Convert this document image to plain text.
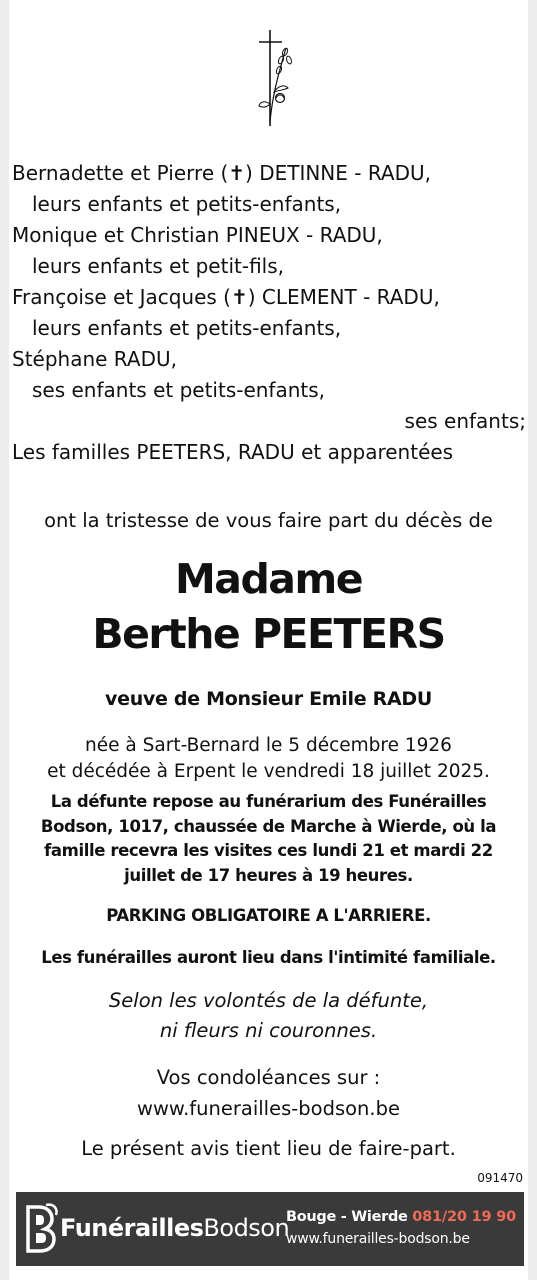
Bernadette et Pierre (✝) DETINNE - RADU,
leurs enfants et petits-enfants,
Monique et Christian PINEUX - RADU,
leurs enfants et petit-fils,
Françoise et Jacques (✝) CLEMENT - RADU,
leurs enfants et petits-enfants,
Stéphane RADU,
ses enfants et petits-enfants,
ses enfants;
Les familles PEETERS, RADU et apparentées
ont la tristesse de vous faire part du décès de
Madame
Berthe PEETERS
veuve de Monsieur Emile RADU
née à Sart-Bernard le 5 décembre 1926
et décédée à Erpent le vendredi 18 juillet 2025.
La défunte repose au funérarium des Funérailles
Bodson, 1017, chaussée de Marche à Wierde, où la
famille recevra les visites ces lundi 21 et mardi 22
juillet de 17 heures à 19 heures.
PARKING OBLIGATOIRE A L'ARRIERE.
Les funérailles auront lieu dans l'intimité familiale.
Selon les volontés de la défunte,
ni fleurs ni couronnes.
Vos condoléances sur :
www.funerailles-bodson.be
Le présent avis tient lieu de faire-part.
091470
FunéraillesBodson
Bouge - Wierde 081/20 19 90
www.funerailles-bodson.be
